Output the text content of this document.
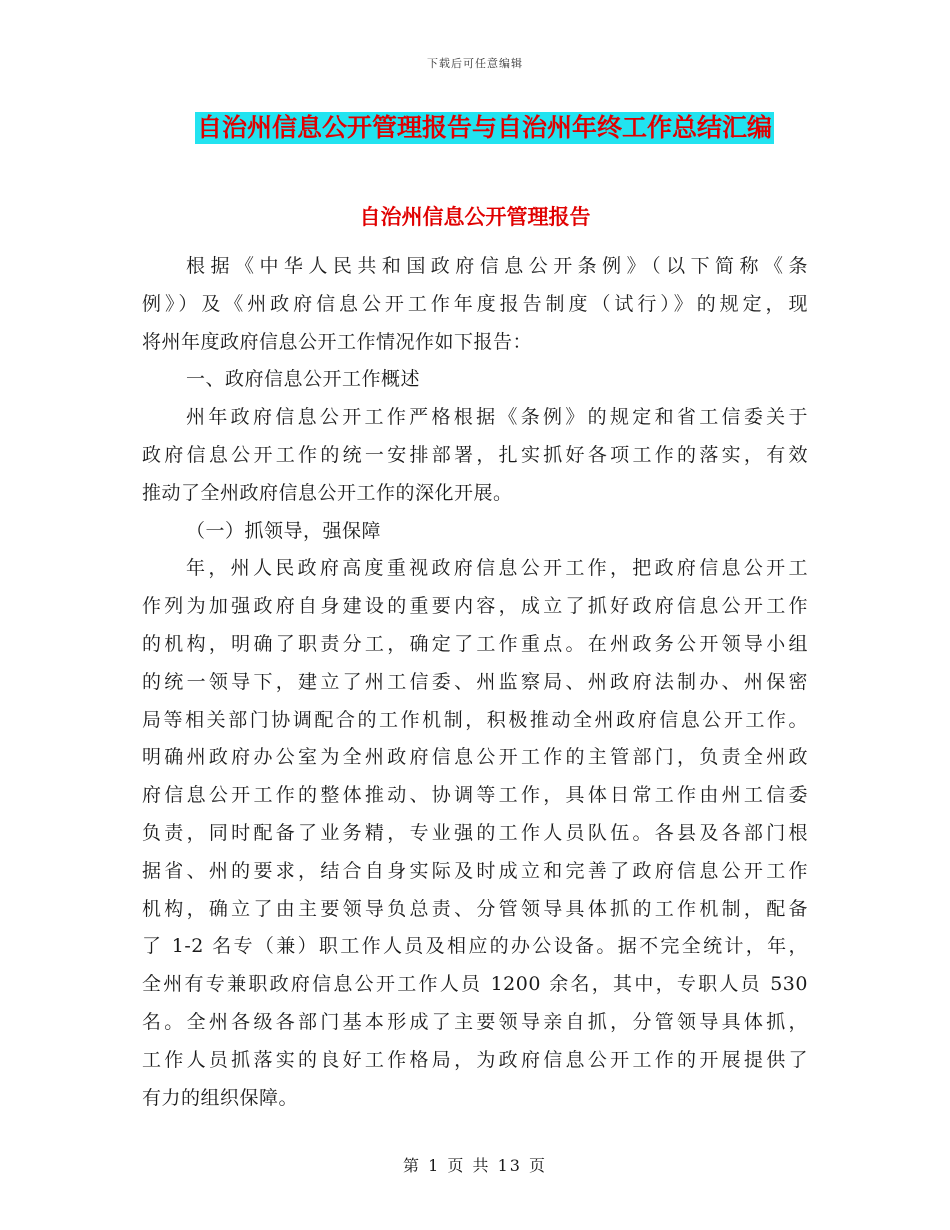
下载后可任意编辑
自治州信息公开管理报告与自治州年终工作总结汇编
自治州信息公开管理报告
根据《中华人民共和国政府信息公开条例》（以下简称《条
例》）及《州政府信息公开工作年度报告制度（试行）》的规定，现
将州年度政府信息公开工作情况作如下报告：
一、政府信息公开工作概述
州年政府信息公开工作严格根据《条例》的规定和省工信委关于
政府信息公开工作的统一安排部署，扎实抓好各项工作的落实，有效
推动了全州政府信息公开工作的深化开展。
（一）抓领导，强保障
年，州人民政府高度重视政府信息公开工作，把政府信息公开工
作列为加强政府自身建设的重要内容，成立了抓好政府信息公开工作
的机构，明确了职责分工，确定了工作重点。在州政务公开领导小组
的统一领导下，建立了州工信委、州监察局、州政府法制办、州保密
局等相关部门协调配合的工作机制，积极推动全州政府信息公开工作。
明确州政府办公室为全州政府信息公开工作的主管部门，负责全州政
府信息公开工作的整体推动、协调等工作，具体日常工作由州工信委
负责，同时配备了业务精，专业强的工作人员队伍。各县及各部门根
据省、州的要求，结合自身实际及时成立和完善了政府信息公开工作
机构，确立了由主要领导负总责、分管领导具体抓的工作机制，配备
了 1-2 名专（兼）职工作人员及相应的办公设备。据不完全统计，年，
全州有专兼职政府信息公开工作人员 1200 余名，其中，专职人员 530
名。全州各级各部门基本形成了主要领导亲自抓，分管领导具体抓，
工作人员抓落实的良好工作格局，为政府信息公开工作的开展提供了
有力的组织保障。
第 1 页 共 13 页
